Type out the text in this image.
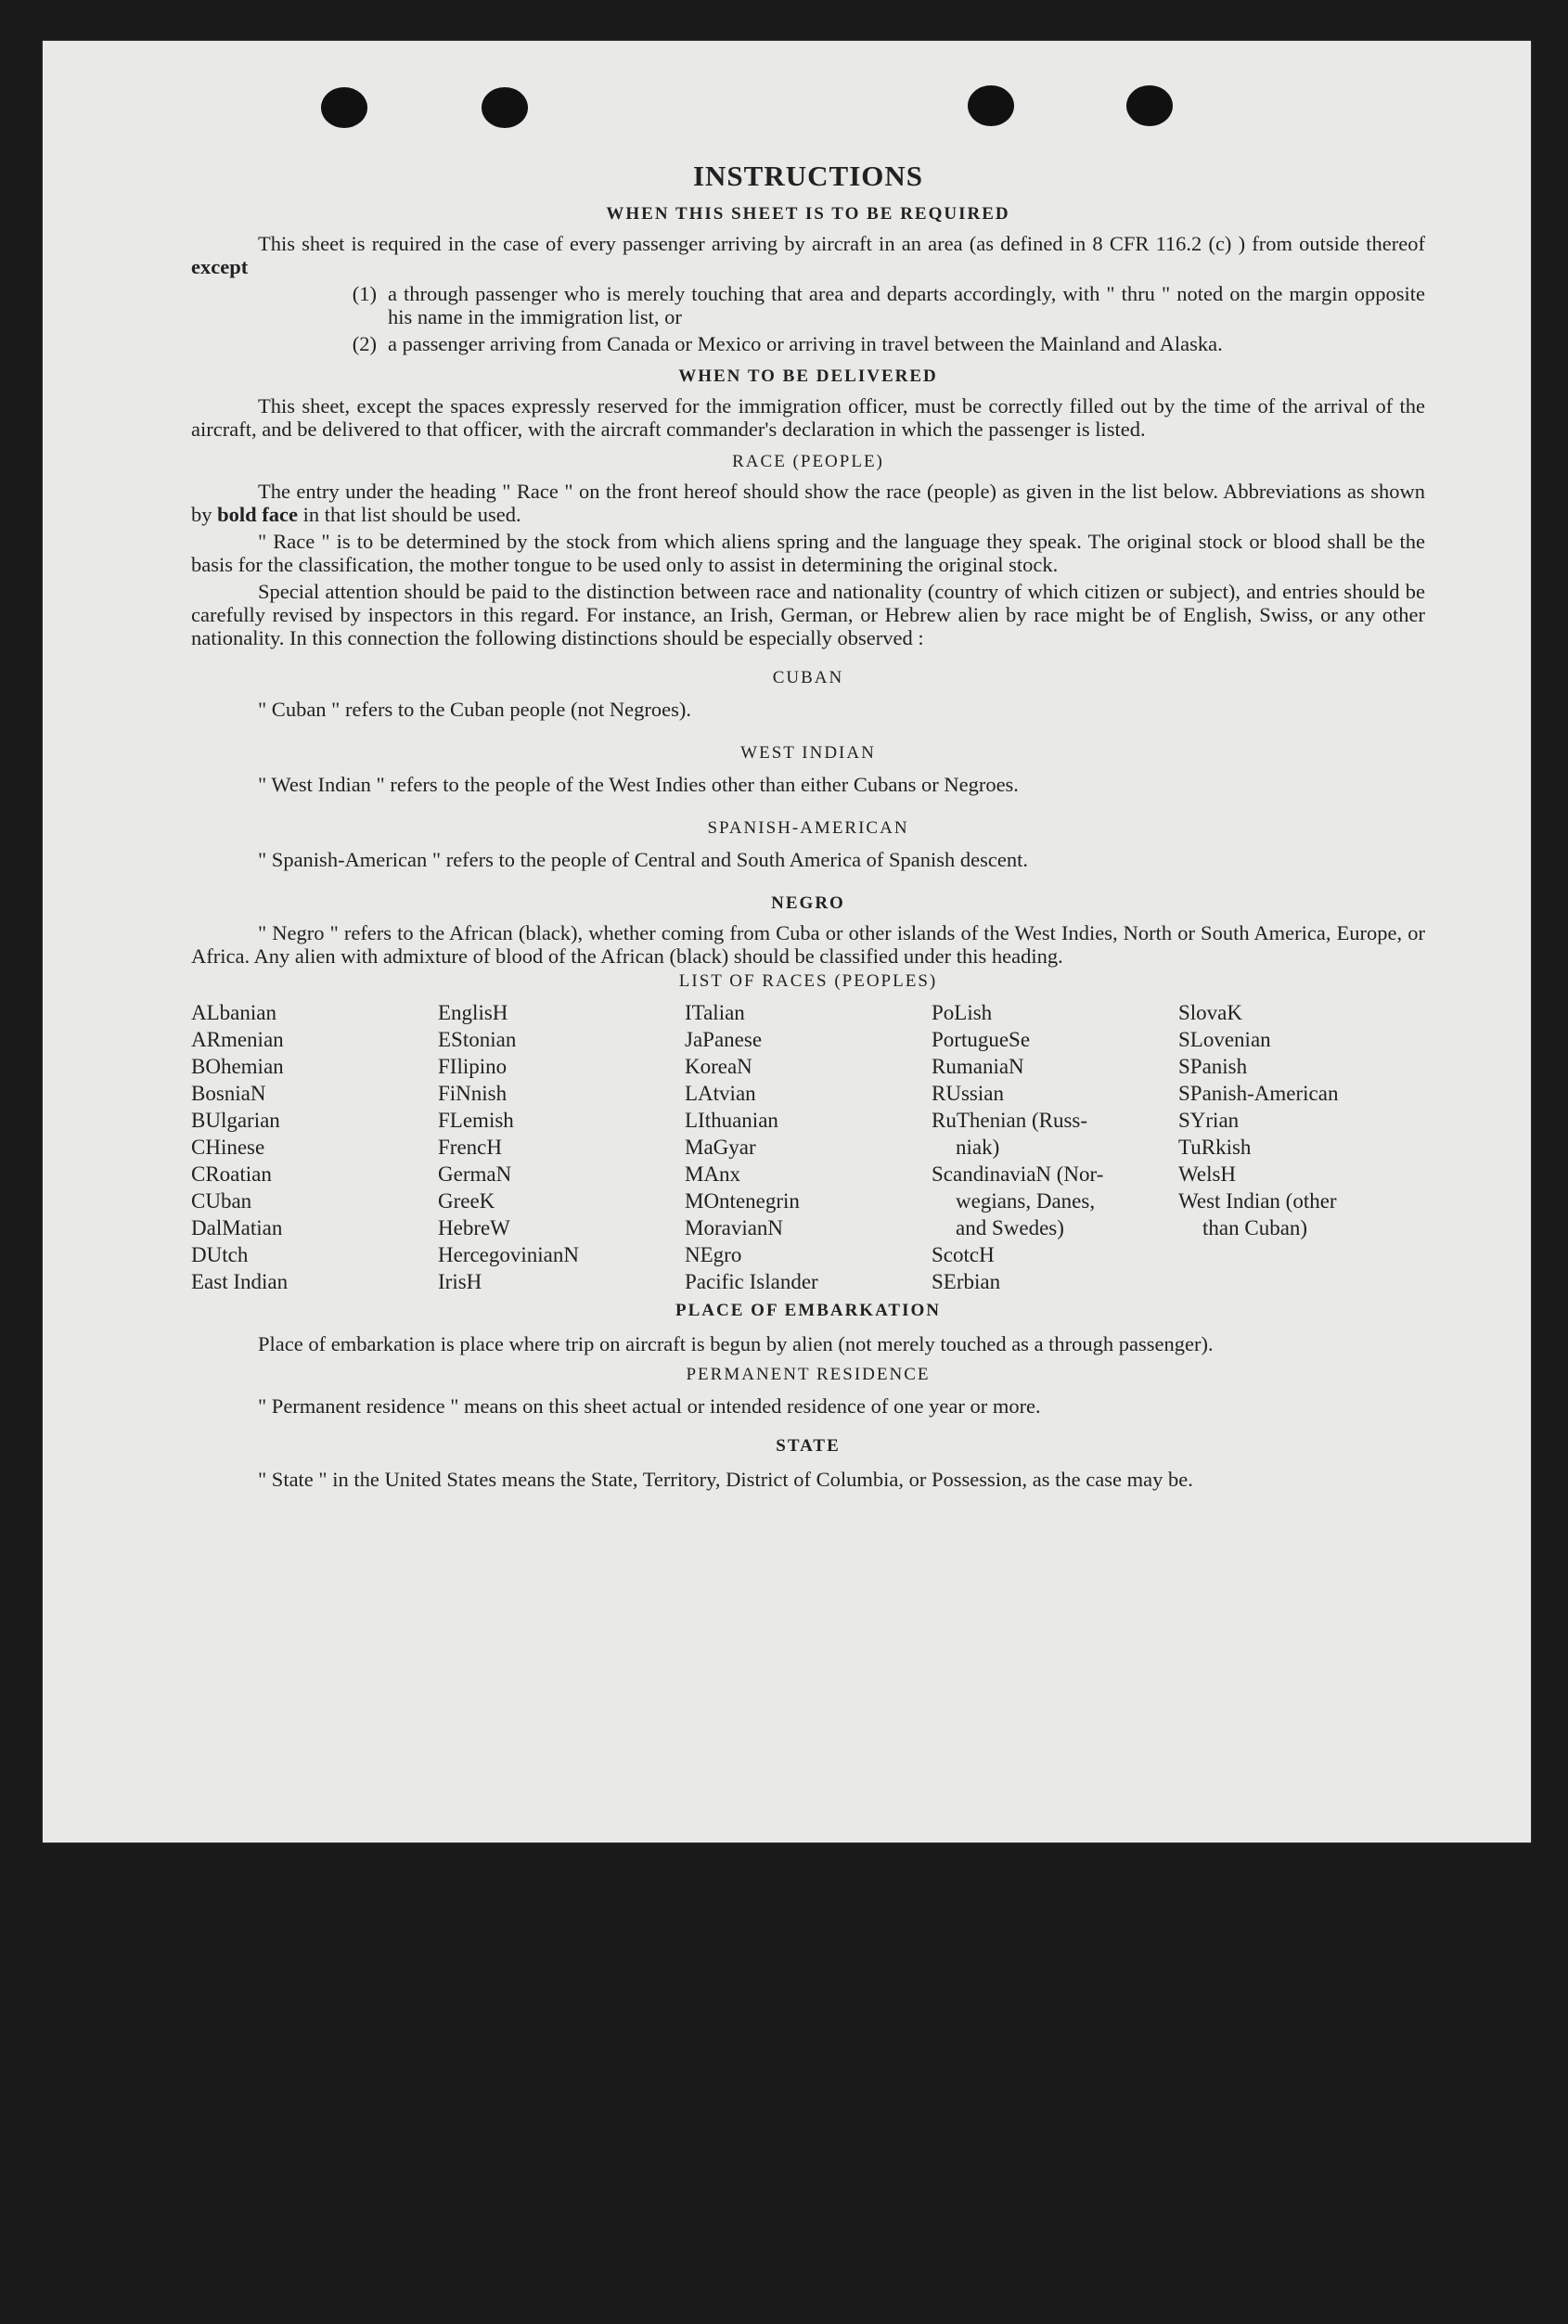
INSTRUCTIONS
WHEN THIS SHEET IS TO BE REQUIRED

This sheet is required in the case of every passenger arriving by aircraft in an area (as defined in 8 CFR 116.2 (c) ) from outside thereof except

(1) a through passenger who is merely touching that area and departs accordingly, with " thru " noted on the margin opposite his name in the immigration list, or
(2) a passenger arriving from Canada or Mexico or arriving in travel between the Mainland and Alaska.
WHEN TO BE DELIVERED

This sheet, except the spaces expressly reserved for the immigration officer, must be correctly filled out by the time of the arrival of the aircraft, and be delivered to that officer, with the aircraft commander's declaration in which the passenger is listed.

RACE (PEOPLE)

The entry under the heading " Race " on the front hereof should show the race (people) as given in the list below. Abbreviations as shown by bold face in that list should be used.

" Race " is to be determined by the stock from which aliens spring and the language they speak. The original stock or blood shall be the basis for the classification, the mother tongue to be used only to assist in determining the original stock.

Special attention should be paid to the distinction between race and nationality (country of which citizen or subject), and entries should be carefully revised by inspectors in this regard. For instance, an Irish, German, or Hebrew alien by race might be of English, Swiss, or any other nationality. In this connection the following distinctions should be especially observed :

CUBAN

" Cuban " refers to the Cuban people (not Negroes).

WEST INDIAN

" West Indian " refers to the people of the West Indies other than either Cubans or Negroes.

SPANISH-AMERICAN

" Spanish-American " refers to the people of Central and South America of Spanish descent.

NEGRO

" Negro " refers to the African (black), whether coming from Cuba or other islands of the West Indies, North or South America, Europe, or Africa. Any alien with admixture of blood of the African (black) should be classified under this heading.

LIST OF RACES (PEOPLES)
ALbanian
ARmenian
BOhemian
BosniaN
BUlgarian
CHinese
CRoatian
CUban
DalMatian
DUtch
East Indian
EnglisH
EStonian
FIlipino
FiNnish
FLemish
FrencH
GermaN
GreeK
HebreW
HercegovinianN
IrisH
ITalian
JaPanese
KoreaN
LAtvian
LIthuanian
MaGyar
MAnx
MOntenegrin
MoravianN
NEgro
Pacific Islander
PoLish
PortugueSe
RumaniaN
RUssian
RuThenian (Russ-
niak)
ScandinaviaN (Nor-
wegians, Danes,
and Swedes)
ScotcH
SErbian
SlovaK
SLovenian
SPanish
SPanish-American
SYrian
TuRkish
WelsH
West Indian (other
than Cuban)
PLACE OF EMBARKATION

Place of embarkation is place where trip on aircraft is begun by alien (not merely touched as a through passenger).

PERMANENT RESIDENCE

" Permanent residence " means on this sheet actual or intended residence of one year or more.

STATE

" State " in the United States means the State, Territory, District of Columbia, or Possession, as the case may be.
